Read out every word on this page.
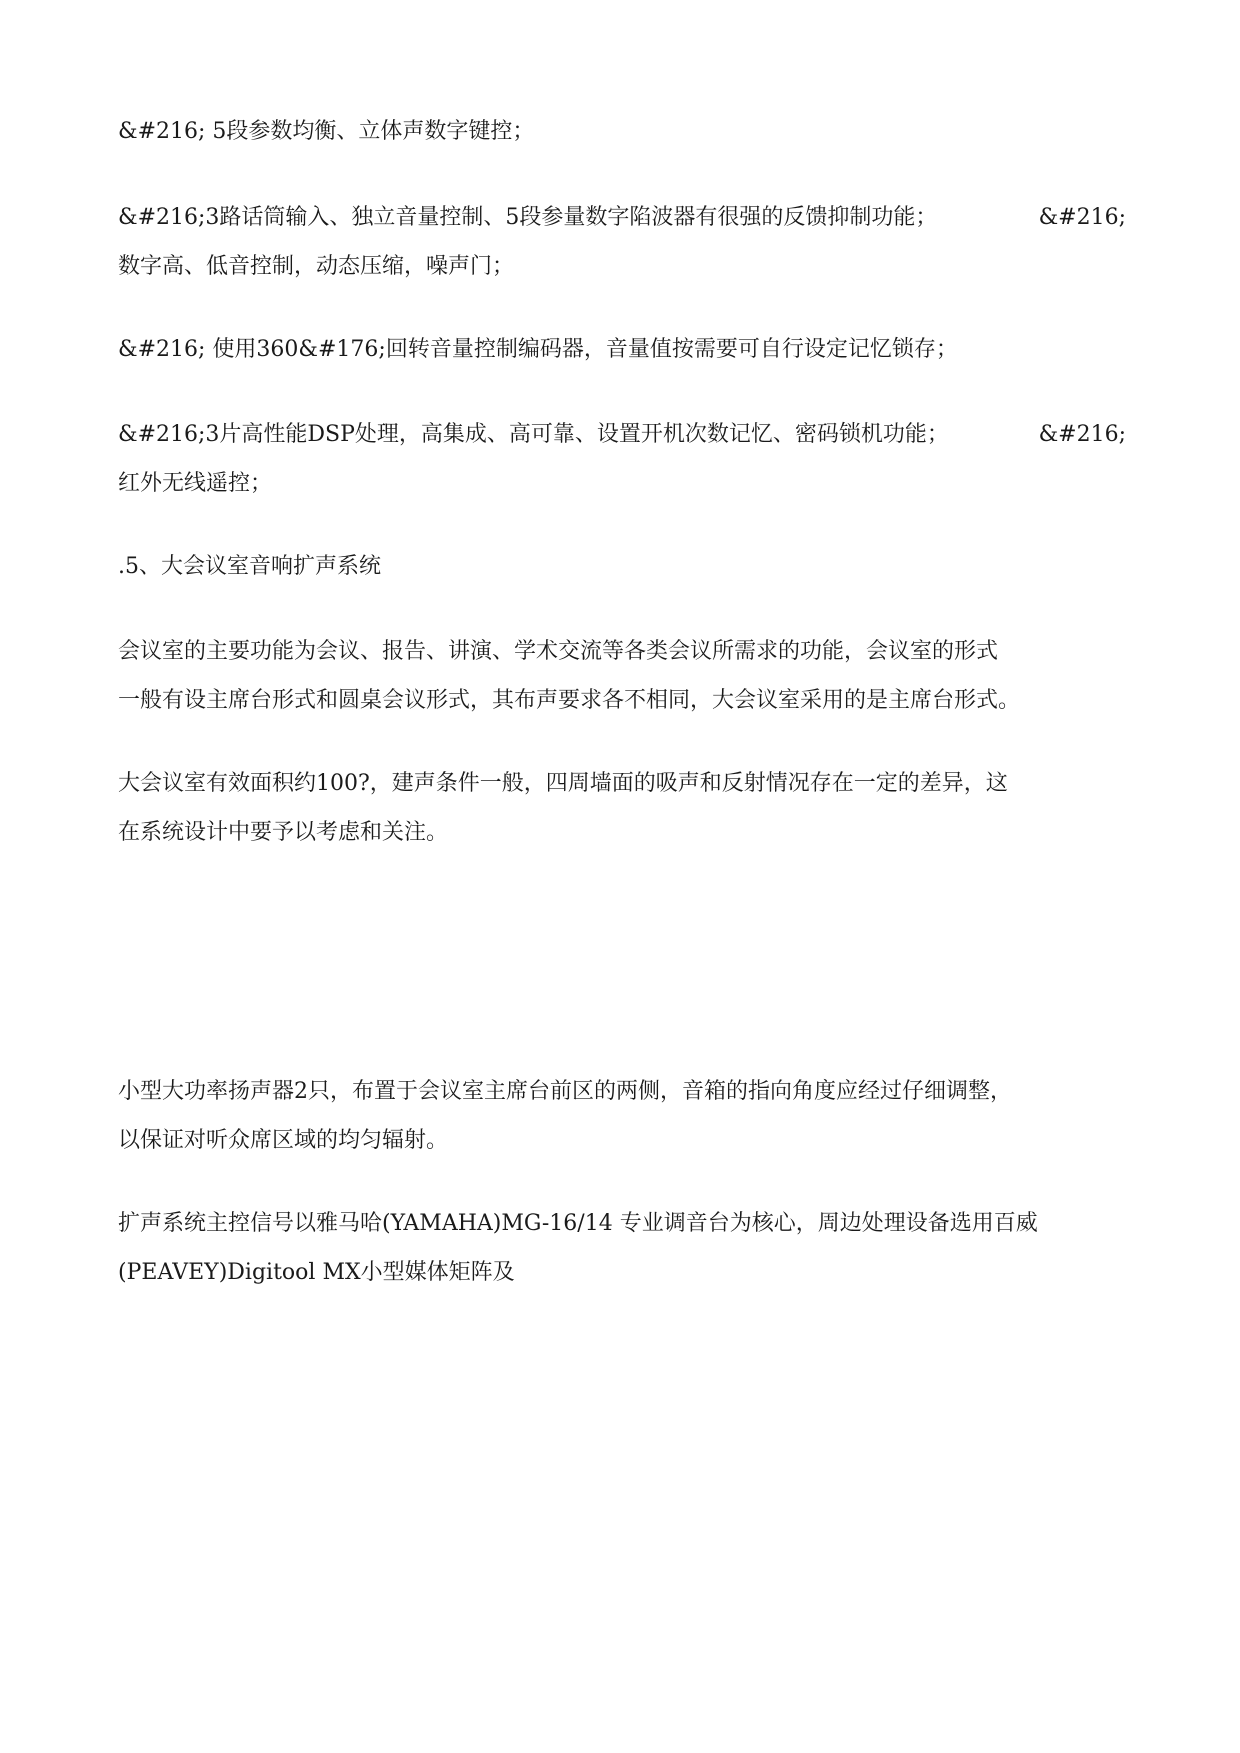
&#216; 5段参数均衡、立体声数字键控；

&#216;3路话筒输入、独立音量控制、5段参量数字陷波器有很强的反馈抑制功能；	&#216;
数字高、低音控制，动态压缩，噪声门；

&#216; 使用360&#176;回转音量控制编码器，音量值按需要可自行设定记忆锁存；

&#216;3片高性能DSP处理，高集成、高可靠、设置开机次数记忆、密码锁机功能；	&#216;
红外无线遥控；

.5、大会议室音响扩声系统

会议室的主要功能为会议、报告、讲演、学术交流等各类会议所需求的功能，会议室的形式
一般有设主席台形式和圆桌会议形式，其布声要求各不相同，大会议室采用的是主席台形式。

大会议室有效面积约100?，建声条件一般，四周墙面的吸声和反射情况存在一定的差异，这
在系统设计中要予以考虑和关注。

小型大功率扬声器2只，布置于会议室主席台前区的两侧，音箱的指向角度应经过仔细调整，
以保证对听众席区域的均匀辐射。

扩声系统主控信号以雅马哈(YAMAHA)MG-16/14 专业调音台为核心，周边处理设备选用百威
(PEAVEY)Digitool MX小型媒体矩阵及
